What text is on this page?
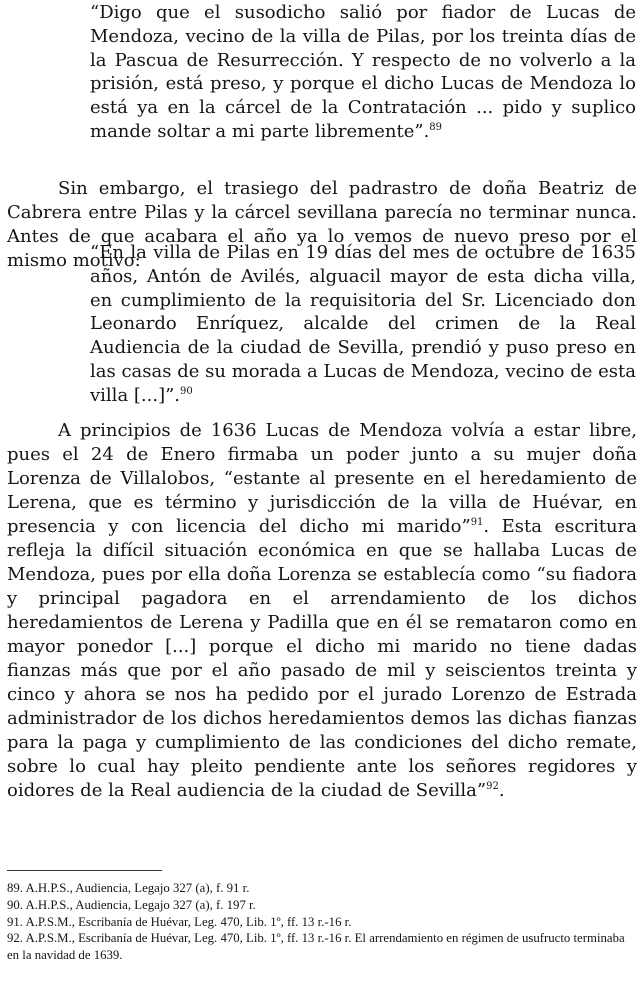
“Digo que el susodicho salió por fiador de Lucas de Mendoza, vecino de la villa de Pilas, por los treinta días de la Pascua de Resurrección. Y respecto de no volverlo a la prisión, está preso, y porque el dicho Lucas de Mendoza lo está ya en la cárcel de la Contratación ... pido y suplico mande soltar a mi parte libremente”.$^{89}$
Sin embargo, el trasiego del padrastro de doña Beatriz de Cabrera entre Pilas y la cárcel sevillana parecía no terminar nunca. Antes de que acabara el año ya lo vemos de nuevo preso por el mismo motivo:
“En la villa de Pilas en 19 días del mes de octubre de 1635 años, Antón de Avilés, alguacil mayor de esta dicha villa, en cumplimiento de la requisitoria del Sr. Licenciado don Leonardo Enríquez, alcalde del crimen de la Real Audiencia de la ciudad de Sevilla, prendió y puso preso en las casas de su morada a Lucas de Mendoza, vecino de esta villa [...]”.$^{90}$
A principios de 1636 Lucas de Mendoza volvía a estar libre, pues el 24 de Enero firmaba un poder junto a su mujer doña Lorenza de Villalobos, “estante al presente en el heredamiento de Lerena, que es término y jurisdicción de la villa de Huévar, en presencia y con licencia del dicho mi marido”$^{91}$. Esta escritura refleja la difícil situación económica en que se hallaba Lucas de Mendoza, pues por ella doña Lorenza se establecía como “su fiadora y principal pagadora en el arrendamiento de los dichos heredamientos de Lerena y Padilla que en él se remataron como en mayor ponedor [...] porque el dicho mi marido no tiene dadas fianzas más que por el año pasado de mil y seiscientos treinta y cinco y ahora se nos ha pedido por el jurado Lorenzo de Estrada administrador de los dichos heredamientos demos las dichas fianzas para la paga y cumplimiento de las condiciones del dicho remate, sobre lo cual hay pleito pendiente ante los señores regidores y oidores de la Real audiencia de la ciudad de Sevilla”$^{92}$.

89. A.H.P.S., Audiencia, Legajo 327 (a), f. 91 r.

90. A.H.P.S., Audiencia, Legajo 327 (a), f. 197 r.

91. A.P.S.M., Escribanía de Huévar, Leg. 470, Lib. 1º, ff. 13 r.-16 r.

92. A.P.S.M., Escribanía de Huévar, Leg. 470, Lib. 1º, ff. 13 r.-16 r. El arrendamiento en régimen de usufructo terminaba en la navidad de 1639.
